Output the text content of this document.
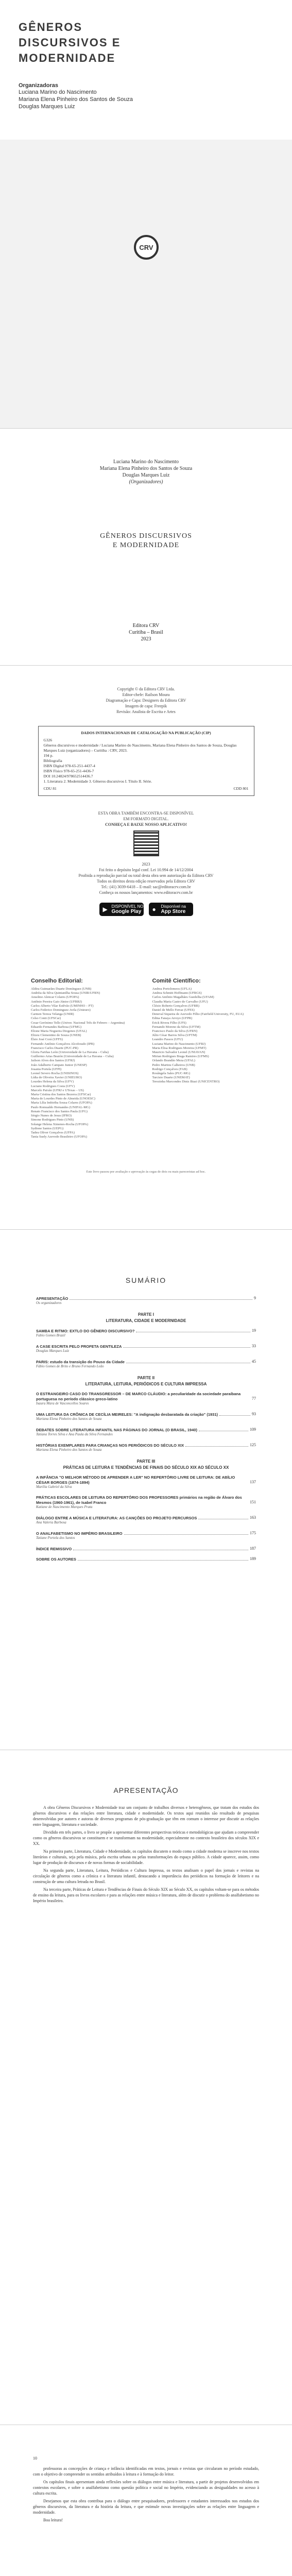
GÊNEROS
DISCURSIVOS E
MODERNIDADE
Organizadoras
Luciana Marino do Nascimento
Mariana Elena Pinheiro dos Santos de Souza
Douglas Marques Luiz
CRV
Luciana Marino do Nascimento
Mariana Elena Pinheiro dos Santos de Souza
Douglas Marques Luiz
(Organizadores)
GÊNEROS DISCURSIVOS
E MODERNIDADE
Editora CRV
Curitiba – Brasil
2023
Copyright © da Editora CRV Ltda.
Editor-chefe: Railson Moura
Diagramação e Capa: Designers da Editora CRV
Imagem de capa: Freepik
Revisão: Analista de Escrita e Artes
DADOS INTERNACIONAIS DE CATALOGAÇÃO NA PUBLICAÇÃO (CIP)
G326
Gêneros discursivos e modernidade / Luciana Marino do Nascimento, Mariana Elena Pinheiro dos Santos de Souza, Douglas Marques Luiz (organizadores) – Curitiba : CRV, 2023.
194 p.
Bibliografia
ISBN Digital 978-65-251-4437-4
ISBN Físico 978-65-251-4436-7
DOI 10.24824/978652514436.7
1. Literatura 2. Modernidade 3. Gêneros discursivos I. Título II. Série.
CDU 81	CDD 801
ESTA OBRA TAMBÉM ENCONTRA-SE DISPONÍVEL
EM FORMATO DIGITAL.
CONHEÇA E BAIXE NOSSO APLICATIVO!
2023
Foi feito o depósito legal conf. Lei 10.994 de 14/12/2004
Proibida a reprodução parcial ou total desta obra sem autorização da Editora CRV
Todos os direitos desta edição reservados pela Editora CRV
Tel.: (41) 3039-6418 – E-mail: sac@editoracrv.com.br
Conheça os nossos lançamentos: www.editoracrv.com.br
▶ DISPONÍVEL NO
Google Play	● Disponível na
App Store
Conselho Editorial:
Aldira Guimarães Duarte Domínguez (UNB)
Andréia da Silva Quintanilha Sousa (UNIR/UFRN)
Anselmo Alencar Colares (UFOPA)
Antônio Pereira Gaio Júnior (UFRRJ)
Carlos Alberto Vilar Estêvão (UMINHO – PT)
Carlos Federico Dominguez Avila (Unieuro)
Carmen Tereza Velanga (UNIR)
Celso Conti (UFSCar)
Cesar Gerónimo Tello (Univer. Nacional Três de Febrero – Argentina)
Eduardo Fernandes Barbosa (UFMG)
Elione Maria Nogueira Diogenes (UFAL)
Elizeu Clementino de Souza (UNEB)
Élsio José Corá (UFFS)
Fernando Antônio Gonçalves Alcoforado (IPB)
Francisco Carlos Duarte (PUC-PR)
Gloria Fariñas León (Universidade de La Havana – Cuba)
Guillermo Arias Beatón (Universidade de La Havana – Cuba)
Jailson Alves dos Santos (UFRJ)
João Adalberto Campato Junior (UNESP)
Josania Portela (UFPI)
Leonel Severo Rocha (UNISINOS)
Lídia de Oliveira Xavier (UNIEURO)
Lourdes Helena da Silva (UFV)
Luciano Rodrigues Costa (UFV)
Marcelo Paixão (UFRJ e UTexas – US)
Maria Cristina dos Santos Bezerra (UFSCar)
Maria de Lourdes Pinto de Almeida (UNOESC)
Maria Lília Imbiriba Sousa Colares (UFOPA)
Paulo Romualdo Hernandes (UNIFAL-MG)
Renato Francisco dos Santos Paula (UFG)
Sérgio Nunes de Jesus (IFRO)
Simone Rodrigues Pinto (UNB)
Solange Helena Ximenes-Rocha (UFOPA)
Sydione Santos (UEPG)
Tadeu Oliver Gonçalves (UFPA)
Tania Suely Azevedo Brasileiro (UFOPA)
Comitê Científico:
Andrea Portolomeos (UFLA)
Andrea Schmitt Hoffmann (UFRGS)
Carlos Antônio Magalhães Guedelha (UFAM)
Claudia Maria Castro de Carvalho (UFU)
Clézio Roberto Gonçalves (UFRB)
Daniel de Mello Ferraz (UFES)
Deneval Siqueira de Azevedo Filho (Fairfield University, FU, EUA)
Edina Fanaya Arroyo (UFPR)
Erick Rivera Filho (UFS)
Fernando Moreno da Silva (UFTM)
Francisco Paulo da Silva (UFRN)
Júlio César Barros Silva (UFTM)
Leandro Passos (UFU)
Luciana Marino do Nascimento (UFRJ)
Maria Elisa Rodrigues Moreira (UFMT)
Mauricio Salvador Leonel (UNIAVAN)
Mirian Rodrigues Braga Ramires (UFMS)
Orlando Brandão Meza (UFAL)
Pedro Martins Calheiros (UNB)
Rodrigo Conçalves (FAB)
Rosângela Sales (PUC-MG)
Tarcisio Duarte (UNEMAT)
Terezinha Marcondes Diniz Biazi (UNICENTRO)
Este livro passou por avaliação e aprovação às cegas de dois ou mais pareceristas ad hoc.
SUMÁRIO
APRESENTAÇÃO	9
Os organizadores
PARTE I
LITERATURA, CIDADE E MODERNIDADE
SAMBA E RITMO: EXTLO DO GÊNERO DISCURSIVO?	19
Fabio Gomes Brazil
A CASE ESCRITA PELO PROFETA GENTILEZA	33
Douglas Marques Luiz
PARIS: estudo da transição do Pouso da Cidade	45
Fábio Gomes de Brito e Bruno Fernando Leão
PARTE II
LITERATURA, LEITURA, PERIÓDICOS E CULTURA IMPRESSA
O ESTRANGEIRO CASO DO TRANSGRESSOR – DE MARCO CLÁUDIO: a peculiaridade da sociedade paraíbana portuguesa no período clássico greco-latino	77
Isaura Mara de Vasconcellos Soares
UMA LEITURA DA CRÔNICA DE CECÍLIA MEIRELES: "A indignação desbaratada da criação" (1931)	93
Mariana Elena Pinheiro dos Santos de Souza
DEBATES SOBRE LITERATURA INFANTIL NAS PÁGINAS DO JORNAL (O BRASIL, 1940)	109
Tatiana Torres Silva e Ana Paula da Silva Fernandes
HISTÓRIAS EXEMPLARES PARA CRIANÇAS NOS PERIÓDICOS DO SÉCULO XIX	125
Mariana Elena Pinheiro dos Santos de Souza
PARTE III
PRÁTICAS DE LEITURA E TENDÊNCIAS DE FINAIS DO SÉCULO XIX AO SÉCULO XX
A INFÂNCIA "O MELHOR MÉTODO DE APRENDER A LER" NO REPERTÓRIO LIVRE DE LEITURA: DE ABÍLIO CÉSAR BORGES (1874-1894)	137
Marília Gabriel da Silva
PRÁTICAS ESCOLARES DE LEITURA DO REPERTÓRIO DOS PROFESSORES primários na região de Álvaro dos Mesmos (1960-1961), de Isabel Franco	151
Katiane de Nascimento Marques Prata
DIÁLOGO ENTRE A MÚSICA E LITERATURA: AS CANÇÕES DO PROJETO PERCURSOS	163
Ana Valeria Barbosa
O ANALFABETISMO NO IMPÉRIO BRASILEIRO	175
Tatiane Portela dos Santos
ÍNDICE REMISSIVO	187
SOBRE OS AUTORES	189
APRESENTAÇÃO

A obra Gêneros Discursivos e Modernidade traz um conjunto de trabalhos diversos e heterogêneos, que tratam dos estudos dos gêneros discursivos e das relações entre literatura, cidade e modernidade. Os textos aqui reunidos são resultado de pesquisas desenvolvidas por autores e autoras de diversos programas de pós-graduação que têm em comum o interesse por discutir as relações entre linguagem, literatura e sociedade.

Dividido em três partes, o livro se propõe a apresentar diferentes perspectivas teóricas e metodológicas que ajudam a compreender como os gêneros discursivos se constituem e se transformam na modernidade, especialmente no contexto brasileiro dos séculos XIX e XX.

Na primeira parte, Literatura, Cidade e Modernidade, os capítulos discutem o modo como a cidade moderna se inscreve nos textos literários e culturais, seja pela música, pela escrita urbana ou pelas transformações do espaço público. A cidade aparece, assim, como lugar de produção de discursos e de novas formas de sociabilidade.

Na segunda parte, Literatura, Leitura, Periódicos e Cultura Impressa, os textos analisam o papel dos jornais e revistas na circulação de gêneros como a crônica e a literatura infantil, destacando a importância dos periódicos na formação de leitores e na construção de uma cultura letrada no Brasil.

Na terceira parte, Práticas de Leitura e Tendências de Finais do Século XIX ao Século XX, os capítulos voltam-se para os métodos de ensino da leitura, para os livros escolares e para as relações entre música e literatura, além de discutir o problema do analfabetismo no Império brasileiro.

10

professoras as concepções de criança e infância identificadas em textos, jornais e revistas que circularam no período estudado, com o objetivo de compreender os sentidos atribuídos à leitura e à formação do leitor.

Os capítulos finais apresentam ainda reflexões sobre os diálogos entre música e literatura, a partir de projetos desenvolvidos em contextos escolares, e sobre o analfabetismo como questão política e social no Império, evidenciando as desigualdades no acesso à cultura escrita.

Desejamos que esta obra contribua para o diálogo entre pesquisadores, professores e estudantes interessados nos estudos dos gêneros discursivos, da literatura e da história da leitura, e que estimule novas investigações sobre as relações entre linguagem e modernidade.

Boa leitura!
